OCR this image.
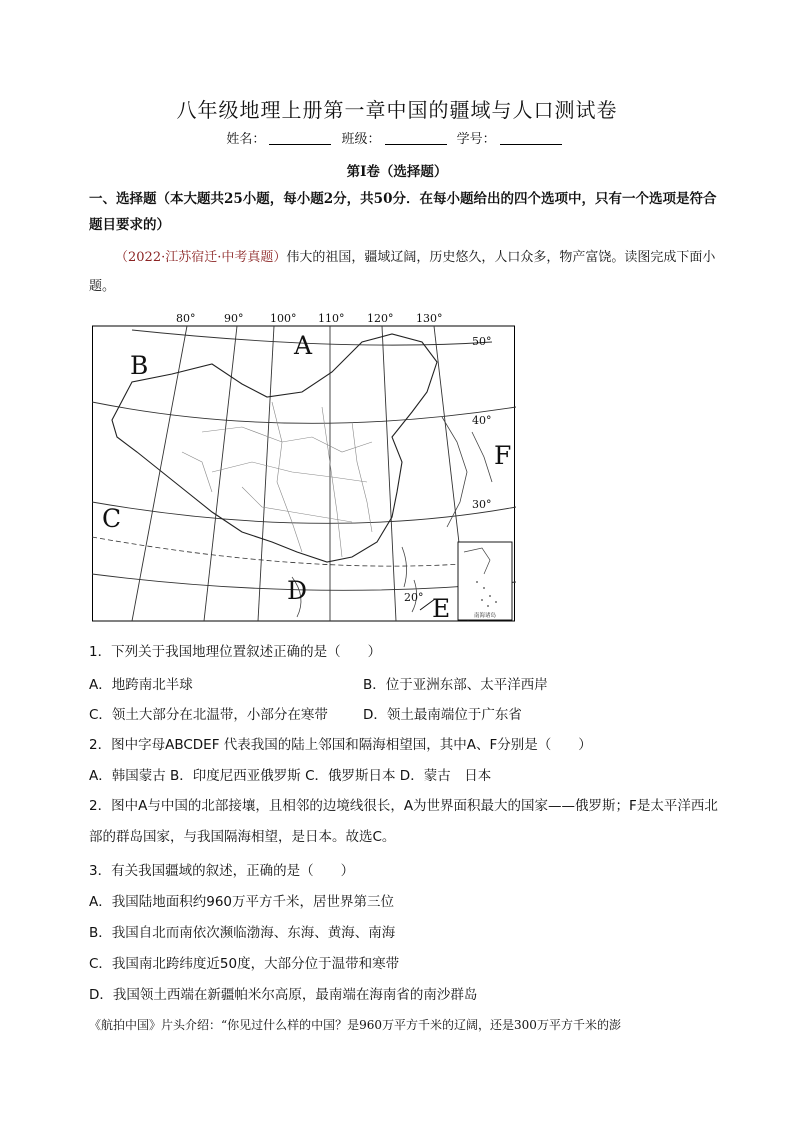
八年级地理上册第一章中国的疆域与人口测试卷
姓名：	班级：	学号：
第I卷（选择题）
一、选择题（本大题共25小题，每小题2分，共50分．在每小题给出的四个选项中，只有一个选项是符合题目要求的）
（2022·江苏宿迁·中考真题）伟大的祖国，疆域辽阔，历史悠久，人口众多，物产富饶。读图完成下面小题。
南海诸岛
80°	90° 100° 110° 120° 130°
50°
40°
30°
20°
A
B
C
D
E
F
1．下列关于我国地理位置叙述正确的是（　　）
A．地跨南北半球	B．位于亚洲东部、太平洋西岸
C．领土大部分在北温带，小部分在寒带	D．领土最南端位于广东省
2．图中字母ABCDEF 代表我国的陆上邻国和隔海相望国，其中A、F分别是（　　）
A．韩国蒙古 B．印度尼西亚俄罗斯 C．俄罗斯日本 D．蒙古　日本
2．图中A与中国的北部接壤，且相邻的边境线很长，A为世界面积最大的国家——俄罗斯；F是太平洋西北部的群岛国家，与我国隔海相望，是日本。故选C。
3．有关我国疆域的叙述，正确的是（　　）
A．我国陆地面积约960万平方千米，居世界第三位
B．我国自北而南依次濒临渤海、东海、黄海、南海
C．我国南北跨纬度近50度，大部分位于温带和寒带
D．我国领土西端在新疆帕米尔高原，最南端在海南省的南沙群岛
《航拍中国》片头介绍：“你见过什么样的中国？是960万平方千米的辽阔，还是300万平方千米的澎
